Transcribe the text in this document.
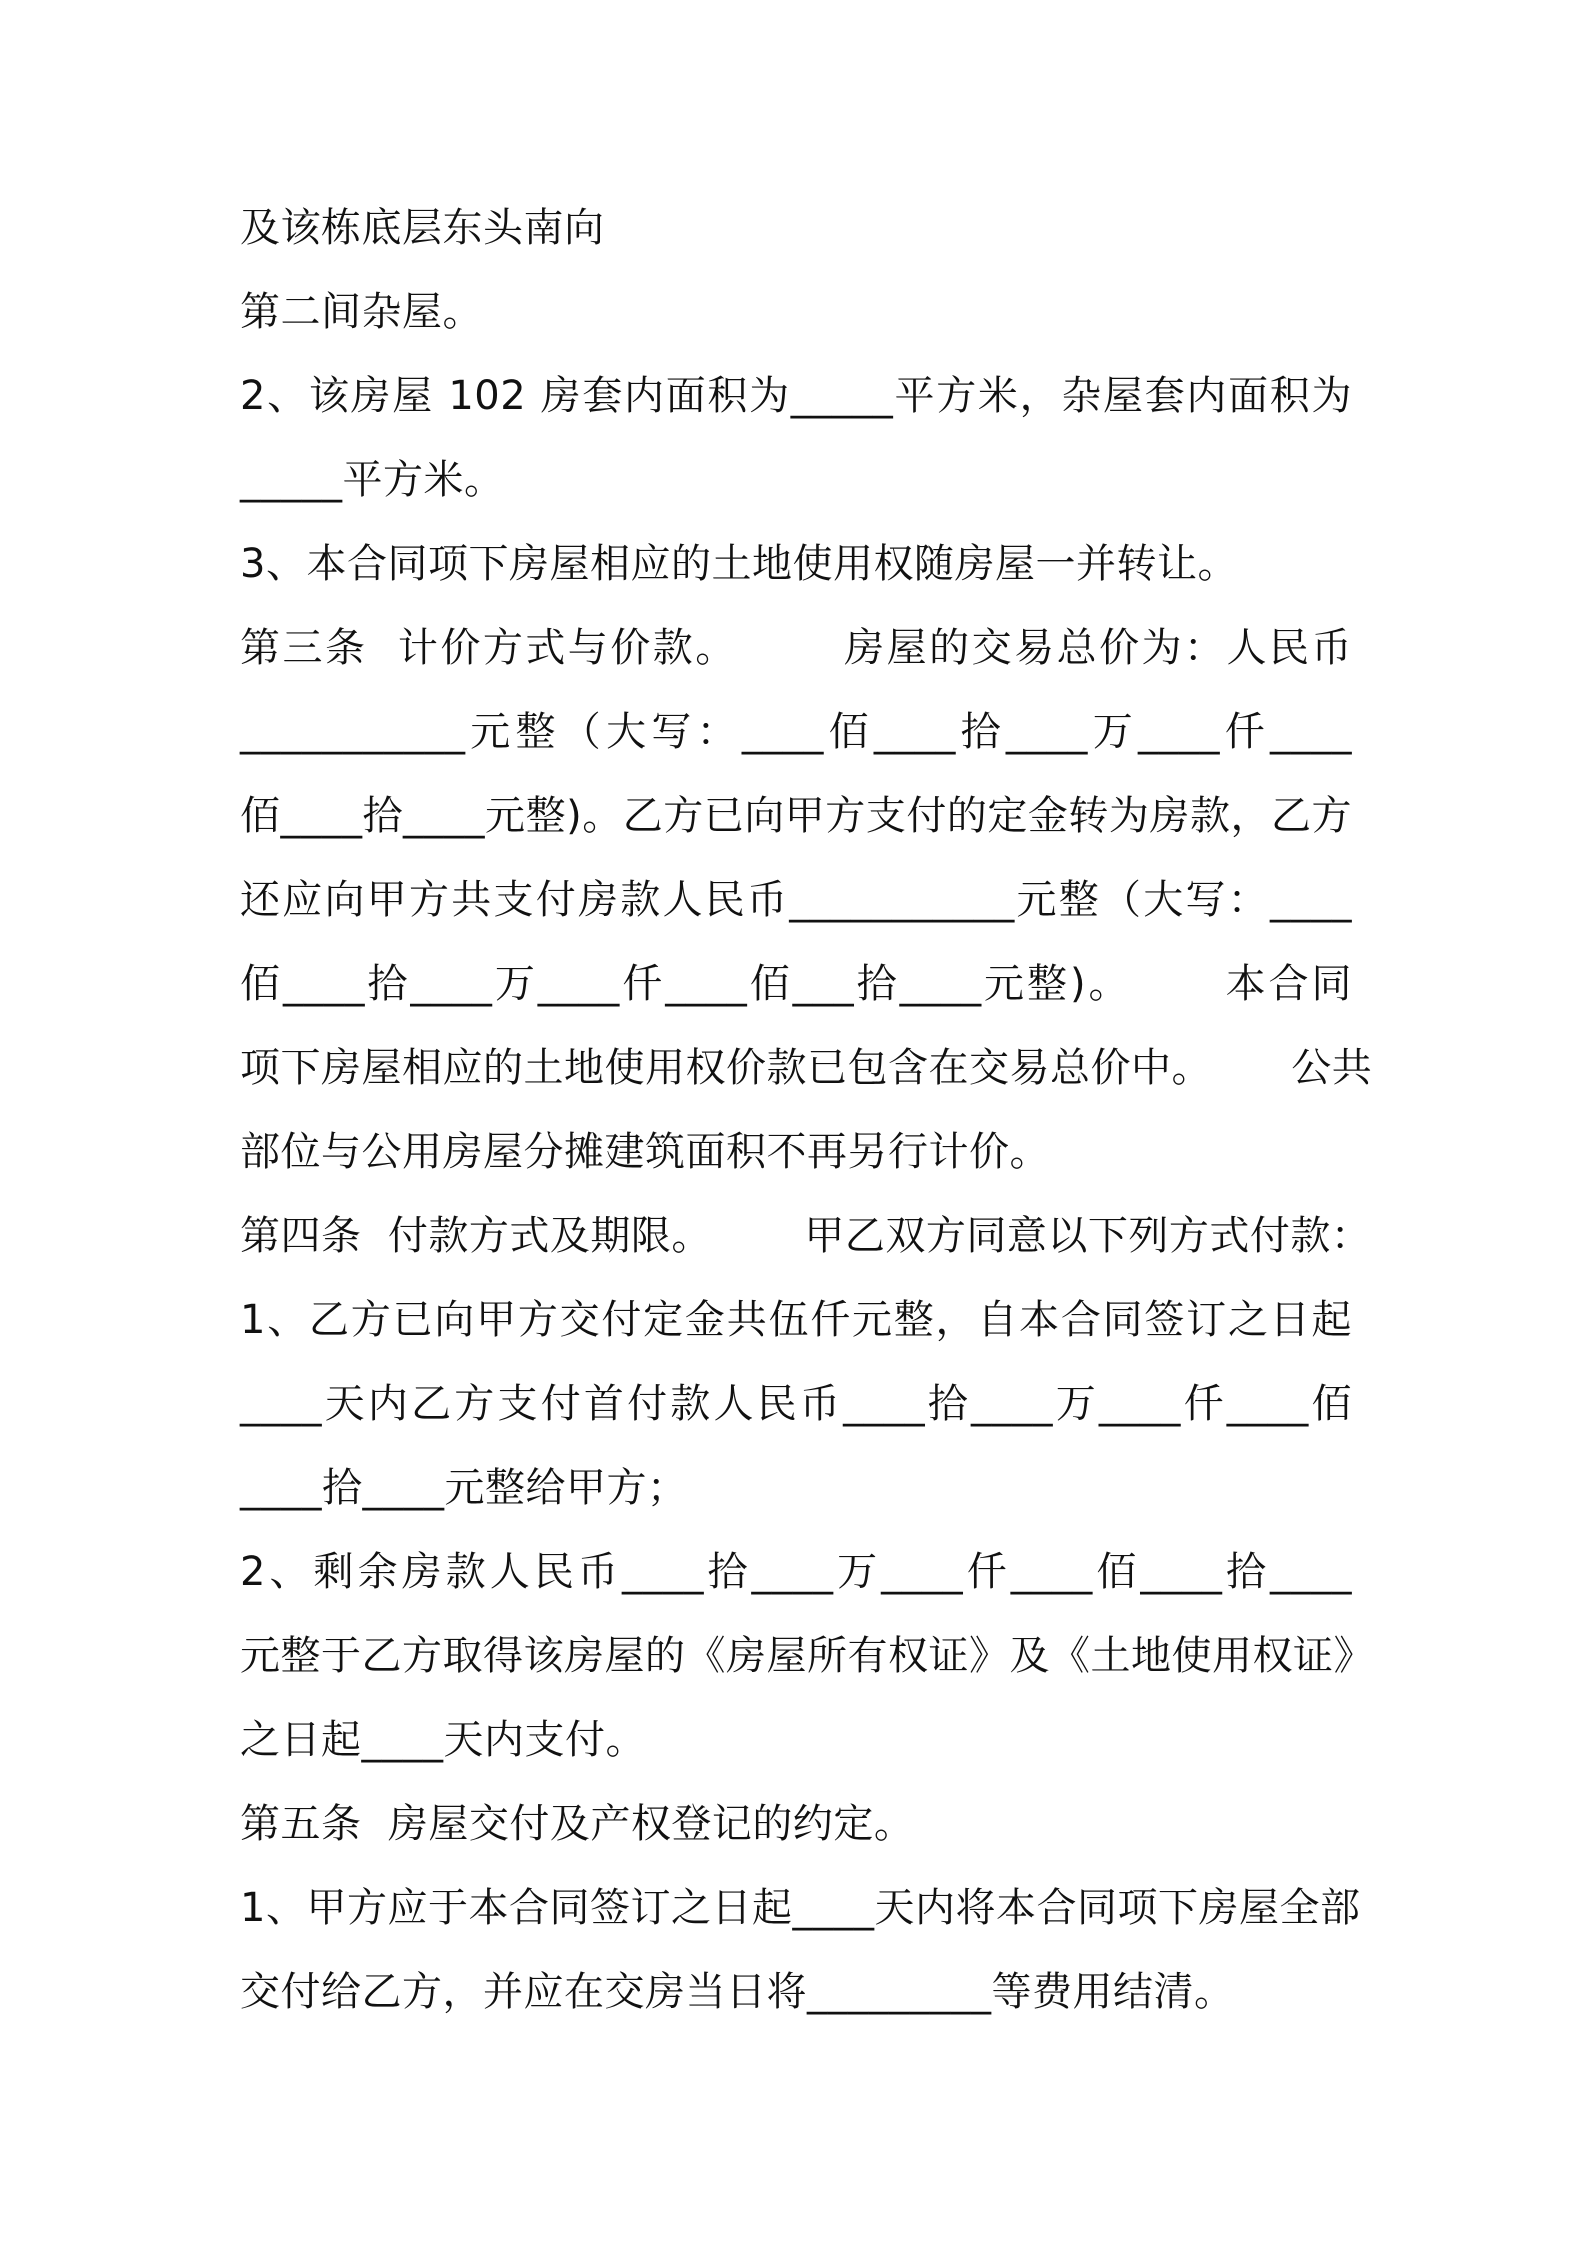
及该栋底层东头南向
第二间杂屋。
2、该房屋 102 房套内面积为_____平方米，杂屋套内面积为
_____平方米。
3、本合同项下房屋相应的土地使用权随房屋一并转让。
第三条  计价方式与价款。       房屋的交易总价为：人民币
___________元整（大写：____佰____拾____万____仟____
佰____拾____元整)。乙方已向甲方支付的定金转为房款，乙方
还应向甲方共支付房款人民币___________元整（大写：____
佰____拾____万____仟____佰___拾____元整)。      本合同
项下房屋相应的土地使用权价款已包含在交易总价中。      公共
部位与公用房屋分摊建筑面积不再另行计价。
第四条  付款方式及期限。       甲乙双方同意以下列方式付款：
1、乙方已向甲方交付定金共伍仟元整，自本合同签订之日起
____天内乙方支付首付款人民币____拾____万____仟____佰
____拾____元整给甲方；
2、剩余房款人民币____拾____万____仟____佰____拾____
元整于乙方取得该房屋的《房屋所有权证》及《土地使用权证》
之日起____天内支付。
第五条  房屋交付及产权登记的约定。
1、甲方应于本合同签订之日起____天内将本合同项下房屋全部
交付给乙方，并应在交房当日将_________等费用结清。
